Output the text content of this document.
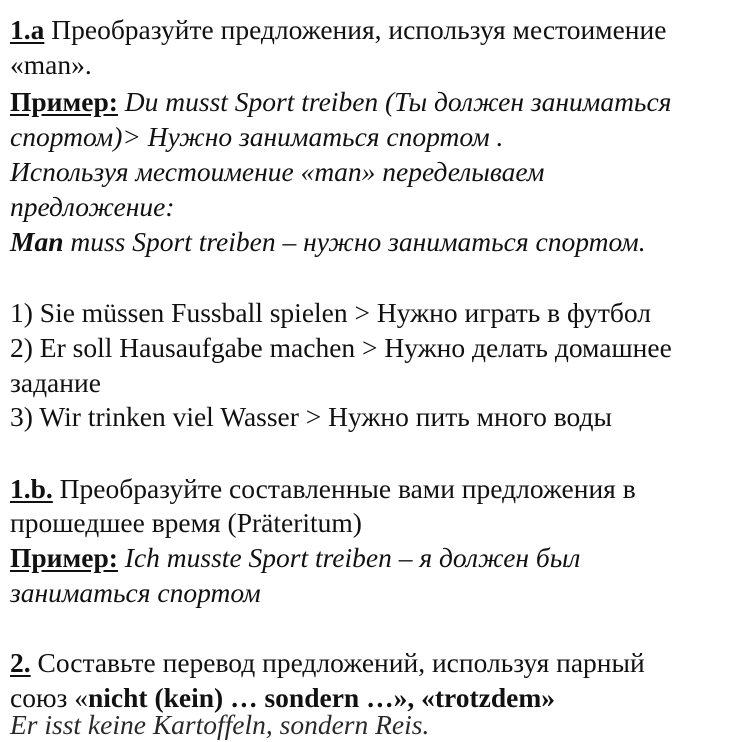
1.a Преобразуйте предложения, используя местоимение
«man».
Пример: Du musst Sport treiben (Ты должен заниматься
спортом)> Нужно заниматься спортом .
Используя местоимение «man» переделываем
предложение:
Man muss Sport treiben – нужно заниматься спортом.
1) Sie müssen Fussball spielen > Нужно играть в футбол
2) Er soll Hausaufgabe machen > Нужно делать домашнее
задание
3) Wir trinken viel Wasser > Нужно пить много воды
1.b. Преобразуйте составленные вами предложения в
прошедшее время (Präteritum)
Пример: Ich musste Sport treiben – я должен был
заниматься спортом
2. Составьте перевод предложений, используя парный
союз «nicht (kein) … sondern …», «trotzdem»
Er isst keine Kartoffeln, sondern Reis.
